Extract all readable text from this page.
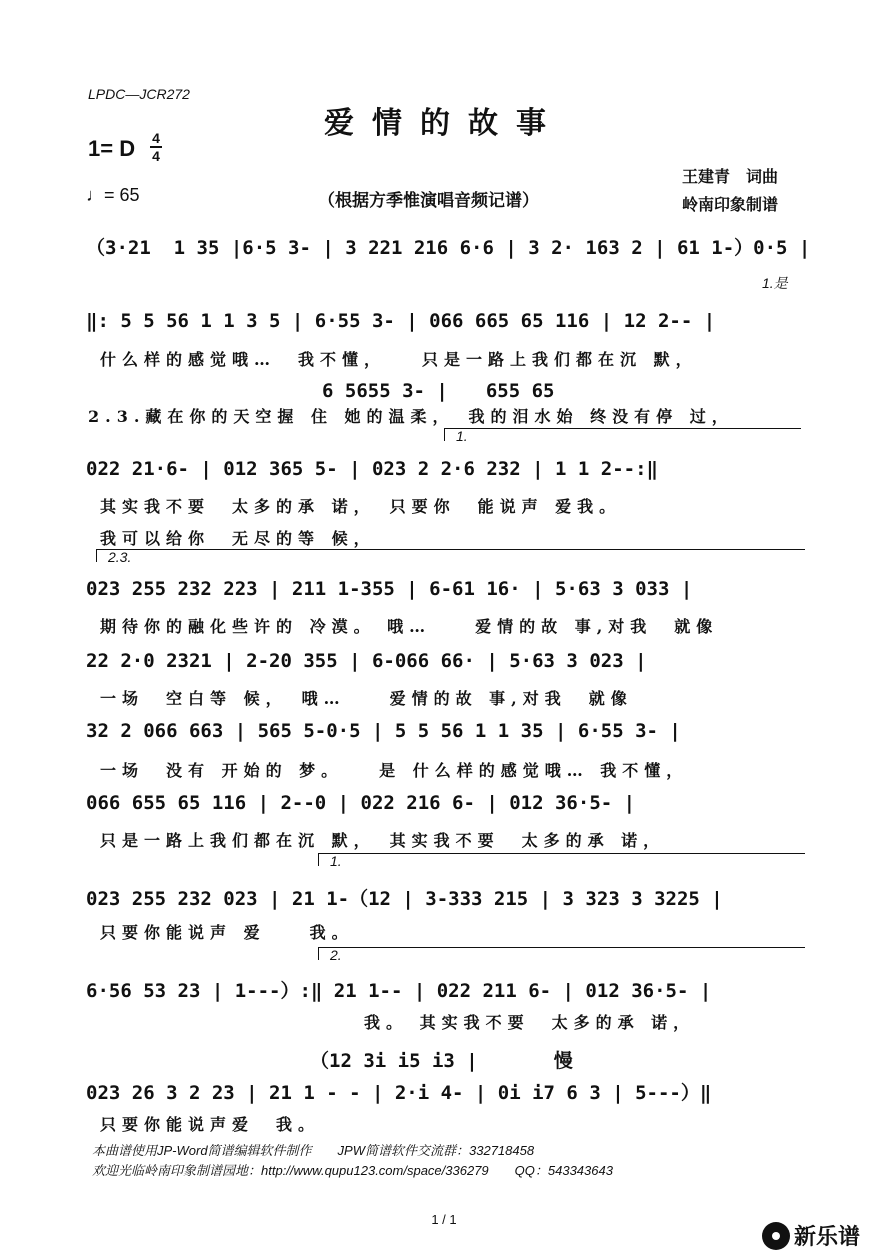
LPDC—JCR272
爱情的故事
1= D 4
4
♩= 65	（根据方季惟演唱音频记谱）
王建青　词曲
岭南印象制谱
（3·21  1 35 |6·5 3- | 3 221 216 6·6 | 3 2· 163 2 | 61 1-）0·5 |
1.是
‖: 5 5 56 1 1 3 5 | 6·55 3- | 066 665 65 116 | 12 2-- |
什么样的感觉哦…　我不懂，　　只是一路上我们都在沉 默，
6 5655 3- |　　655 65
2.3.藏在你的天空握 住 她的温柔，　我的泪水始 终没有停 过，
1.
022 21·6- | 012 365 5- | 023 2 2·6 232 | 1 1 2--:‖
其实我不要　太多的承 诺，　只要你　能说声 爱我。
我可以给你　无尽的等 候，
2.3.
023 255 232 223 | 211 1-355 | 6-61 16· | 5·63 3 033 |
期待你的融化些许的 冷漠。 哦…　　爱情的故 事,对我　就像
22 2·0 2321 | 2-20 355 | 6-066 66· | 5·63 3 023 |
一场　空白等 候，　哦…　　爱情的故 事,对我　就像
32 2 066 663 | 565 5-0·5 | 5 5 56 1 1 35 | 6·55 3- |
一场　没有 开始的 梦。　　是 什么样的感觉哦… 我不懂，
066 655 65 116 | 2--0 | 022 216 6- | 012 36·5- |
只是一路上我们都在沉 默，　其实我不要　太多的承 诺，
1.
023 255 232 023 | 21 1-（12 | 3-333 215 | 3 323 3 3225 |
只要你能说声 爱　　我。
2.
6·56 53 23 | 1---）:‖ 21 1-- | 022 211 6- | 012 36·5- |
　　　　　　　　　　　　我。 其实我不要　太多的承 诺，
（12 3i i5 i3 |　　　　慢
023 26 3 2 23 | 21 1 - - | 2·i 4- | 0i i7 6 3 | 5---）‖
只要你能说声爱　我。
本曲谱使用JP-Word简谱编辑软件制作　　JPW简谱软件交流群：332718458
欢迎光临岭南印象制谱园地：http://www.qupu123.com/space/336279　　QQ：543343643
1 / 1
新乐谱
